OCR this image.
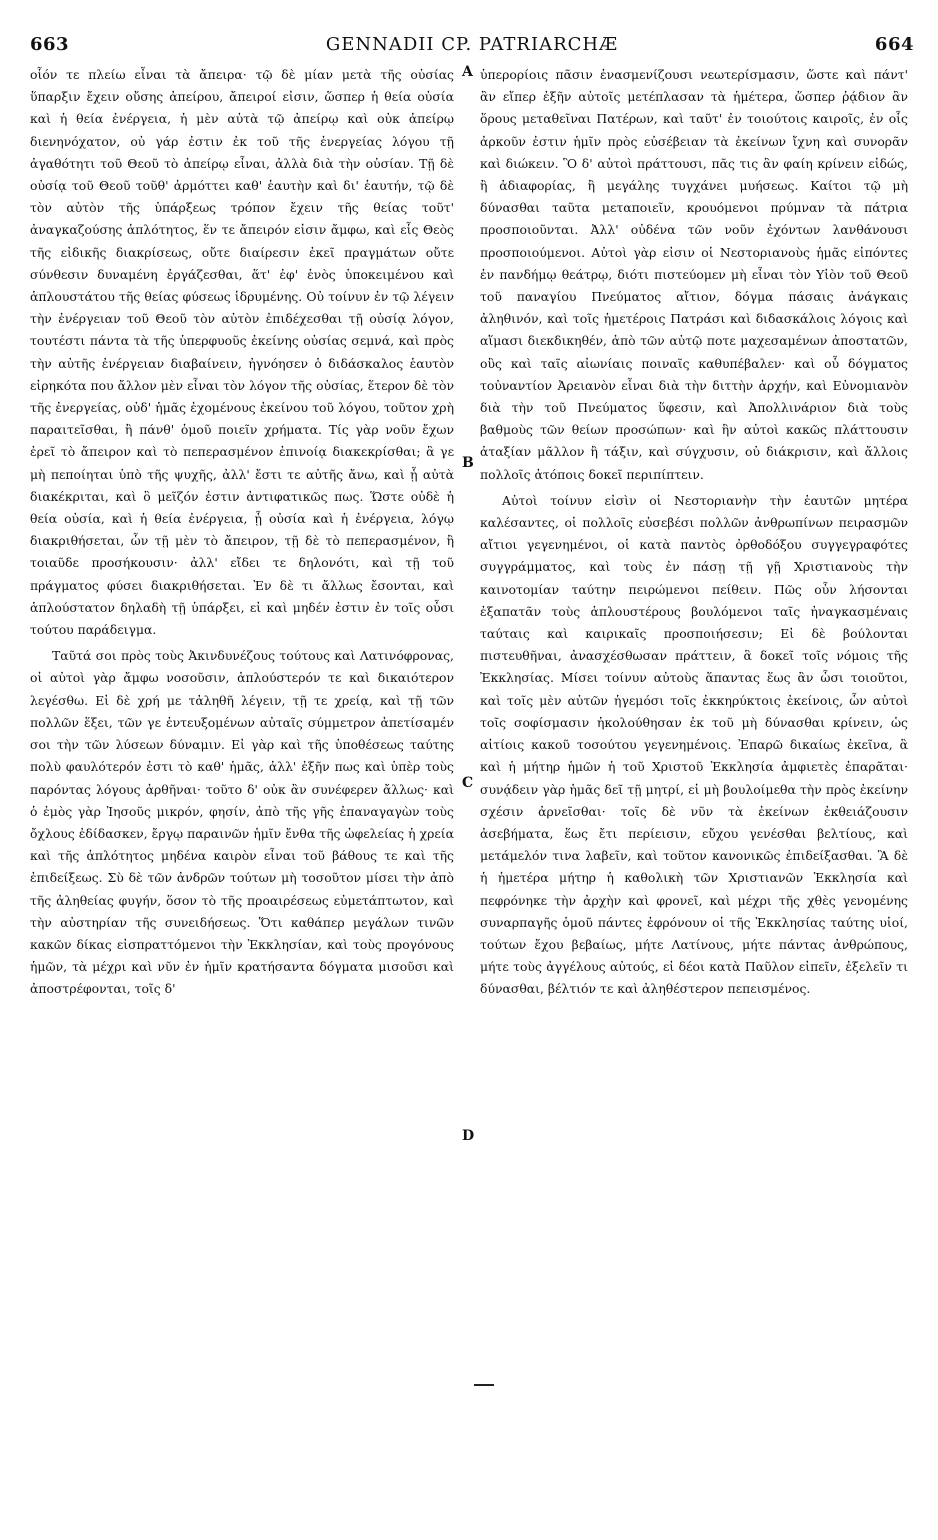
663	GENNADII CP. PATRIARCHÆ	664

οἷόν τε πλείω εἶναι τὰ ἄπειρα· τῷ δὲ μίαν μετὰ τῆς οὐσίας ὕπαρξιν ἔχειν οὔσης ἀπείρου, ἄπειροί εἰσιν, ὥσπερ ἡ θεία οὐσία καὶ ἡ θεία ἐνέργεια, ἡ μὲν αὐτὰ τῷ ἀπείρῳ καὶ οὐκ ἀπείρῳ διενηνόχατον, οὐ γάρ ἐστιν ἐκ τοῦ τῆς ἐνεργείας λόγου τῇ ἀγαθότητι τοῦ Θεοῦ τὸ ἀπείρῳ εἶναι, ἀλλὰ διὰ τὴν οὐσίαν. Τῇ δὲ οὐσίᾳ τοῦ Θεοῦ τοῦθ' ἁρμόττει καθ' ἑαυτὴν καὶ δι' ἑαυτήν, τῷ δὲ τὸν αὐτὸν τῆς ὑπάρξεως τρόπον ἔχειν τῆς θείας τοῦτ' ἀναγκαζούσης ἁπλότητος, ἕν τε ἄπειρόν εἰσιν ἄμφω, καὶ εἷς Θεὸς τῆς εἰδικῆς διακρίσεως, οὔτε διαίρεσιν ἐκεῖ πραγμάτων οὔτε σύνθεσιν δυναμένη ἐργάζεσθαι, ἅτ' ἐφ' ἑνὸς ὑποκειμένου καὶ ἁπλουστάτου τῆς θείας φύσεως ἱδρυμένης. Οὐ τοίνυν ἐν τῷ λέγειν τὴν ἐνέργειαν τοῦ Θεοῦ τὸν αὐτὸν ἐπιδέχεσθαι τῇ οὐσίᾳ λόγον, τουτέστι πάντα τὰ τῆς ὑπερφυοῦς ἐκείνης οὐσίας σεμνά, καὶ πρὸς τὴν αὐτῆς ἐνέργειαν διαβαίνειν, ἠγνόησεν ὁ διδάσκαλος ἑαυτὸν εἰρηκότα που ἄλλον μὲν εἶναι τὸν λόγον τῆς οὐσίας, ἕτερον δὲ τὸν τῆς ἐνεργείας, οὐδ' ἡμᾶς ἐχομένους ἐκείνου τοῦ λόγου, τοῦτον χρὴ παραιτεῖσθαι, ἢ πάνθ' ὁμοῦ ποιεῖν χρήματα. Τίς γὰρ νοῦν ἔχων ἐρεῖ τὸ ἄπειρον καὶ τὸ πεπερασμένον ἐπινοίᾳ διακεκρίσθαι; ἃ γε μὴ πεποίηται ὑπὸ τῆς ψυχῆς, ἀλλ' ἔστι τε αὐτῆς ἄνω, καὶ ᾗ αὐτὰ διακέκριται, καὶ ὃ μεῖζόν ἐστιν ἀντιφατικῶς πως. Ὥστε οὐδὲ ἡ θεία οὐσία, καὶ ἡ θεία ἐνέργεια, ᾗ οὐσία καὶ ἡ ἐνέργεια, λόγῳ διακριθήσεται, ὧν τῇ μὲν τὸ ἄπειρον, τῇ δὲ τὸ πεπερασμένον, ἢ τοιαῦδε προσήκουσιν· ἀλλ' εἴδει τε δηλονότι, καὶ τῇ τοῦ πράγματος φύσει διακριθήσεται. Ἐν δὲ τι ἄλλως ἔσονται, καὶ ἁπλούστατον δηλαδὴ τῇ ὑπάρξει, εἰ καὶ μηδέν ἐστιν ἐν τοῖς οὖσι τούτου παράδειγμα.

Ταῦτά σοι πρὸς τοὺς Ἀκινδυνέζους τούτους καὶ Λατινόφρονας, οἱ αὐτοὶ γὰρ ἄμφω νοσοῦσιν, ἁπλούστερόν τε καὶ δικαιότερον λεγέσθω. Εἰ δὲ χρή με τἀληθῆ λέγειν, τῇ τε χρείᾳ, καὶ τῇ τῶν πολλῶν ἕξει, τῶν γε ἐντευξομένων αὐταῖς σύμμετρον ἀπετίσαμέν σοι τὴν τῶν λύσεων δύναμιν. Εἰ γὰρ καὶ τῆς ὑποθέσεως ταύτης πολὺ φαυλότερόν ἐστι τὸ καθ' ἡμᾶς, ἀλλ' ἐξῆν πως καὶ ὑπὲρ τοὺς παρόντας λόγους ἀρθῆναι· τοῦτο δ' οὐκ ἂν συνέφερεν ἄλλως· καὶ ὁ ἐμὸς γὰρ Ἰησοῦς μικρόν, φησίν, ἀπὸ τῆς γῆς ἐπαναγαγὼν τοὺς ὄχλους ἐδίδασκεν, ἔργῳ παραινῶν ἡμῖν ἔνθα τῆς ὠφελείας ἡ χρεία καὶ τῆς ἁπλότητος μηδένα καιρὸν εἶναι τοῦ βάθους τε καὶ τῆς ἐπιδείξεως. Σὺ δὲ τῶν ἀνδρῶν τούτων μὴ τοσοῦτον μίσει τὴν ἀπὸ τῆς ἀληθείας φυγήν, ὅσον τὸ τῆς προαιρέσεως εὐμετάπτωτον, καὶ τὴν αὐστηρίαν τῆς συνειδήσεως. Ὅτι καθάπερ μεγάλων τινῶν κακῶν δίκας εἰσπραττόμενοι τὴν Ἐκκλησίαν, καὶ τοὺς προγόνους ἡμῶν, τὰ μέχρι καὶ νῦν ἐν ἡμῖν κρατήσαντα δόγματα μισοῦσι καὶ ἀποστρέφονται, τοῖς δ'

A
B
C
D

ὑπερορίοις πᾶσιν ἐνασμενίζουσι νεωτερίσμασιν, ὥστε καὶ πάντ' ἂν εἴπερ ἐξῆν αὐτοῖς μετέπλασαν τὰ ἡμέτερα, ὥσπερ ῥᾴδιον ἂν ὅρους μεταθεῖναι Πατέρων, καὶ ταῦτ' ἐν τοιούτοις καιροῖς, ἐν οἷς ἀρκοῦν ἐστιν ἡμῖν πρὸς εὐσέβειαν τὰ ἐκείνων ἴχνη καὶ συνορᾶν καὶ διώκειν. Ὃ δ' αὐτοὶ πράττουσι, πᾶς τις ἂν φαίη κρίνειν εἰδώς, ἢ ἀδιαφορίας, ἢ μεγάλης τυγχάνει μυήσεως. Καίτοι τῷ μὴ δύνασθαι ταῦτα μεταποιεῖν, κρουόμενοι πρύμναν τὰ πάτρια προσποιοῦνται. Ἀλλ' οὐδένα τῶν νοῦν ἐχόντων λανθάνουσι προσποιούμενοι. Αὐτοὶ γὰρ εἰσιν οἱ Νεστοριανοὺς ἡμᾶς εἰπόντες ἐν πανδήμῳ θεάτρῳ, διότι πιστεύομεν μὴ εἶναι τὸν Υἱὸν τοῦ Θεοῦ τοῦ παναγίου Πνεύματος αἴτιον, δόγμα πάσαις ἀνάγκαις ἀληθινόν, καὶ τοῖς ἡμετέροις Πατράσι καὶ διδασκάλοις λόγοις καὶ αἵμασι διεκδικηθέν, ἀπὸ τῶν αὐτῷ ποτε μαχεσαμένων ἀποστατῶν, οὓς καὶ ταῖς αἰωνίαις ποιναῖς καθυπέβαλεν· καὶ οὗ δόγματος τοὐναντίον Ἀρειανὸν εἶναι διὰ τὴν διττὴν ἀρχήν, καὶ Εὐνομιανὸν διὰ τὴν τοῦ Πνεύματος ὕφεσιν, καὶ Ἀπολλινάριον διὰ τοὺς βαθμοὺς τῶν θείων προσώπων· καὶ ἣν αὐτοὶ κακῶς πλάττουσιν ἀταξίαν μᾶλλον ἢ τάξιν, καὶ σύγχυσιν, οὐ διάκρισιν, καὶ ἄλλοις πολλοῖς ἀτόποις δοκεῖ περιπίπτειν.

Αὐτοὶ τοίνυν εἰσὶν οἱ Νεστοριανὴν τὴν ἑαυτῶν μητέρα καλέσαντες, οἱ πολλοῖς εὐσεβέσι πολλῶν ἀνθρωπίνων πειρασμῶν αἴτιοι γεγενημένοι, οἱ κατὰ παντὸς ὀρθοδόξου συγγεγραφότες συγγράμματος, καὶ τοὺς ἐν πάσῃ τῇ γῇ Χριστιανοὺς τὴν καινοτομίαν ταύτην πειρώμενοι πείθειν. Πῶς οὖν λήσονται ἐξαπατᾶν τοὺς ἁπλουστέρους βουλόμενοι ταῖς ἠναγκασμέναις ταύταις καὶ καιρικαῖς προσποιήσεσιν; Εἰ δὲ βούλονται πιστευθῆναι, ἀνασχέσθωσαν πράττειν, ἃ δοκεῖ τοῖς νόμοις τῆς Ἐκκλησίας. Μίσει τοίνυν αὐτοὺς ἅπαντας ἕως ἂν ὦσι τοιοῦτοι, καὶ τοῖς μὲν αὐτῶν ἡγεμόσι τοῖς ἐκκηρύκτοις ἐκείνοις, ὧν αὐτοὶ τοῖς σοφίσμασιν ἠκολούθησαν ἐκ τοῦ μὴ δύνασθαι κρίνειν, ὡς αἰτίοις κακοῦ τοσούτου γεγενημένοις. Ἐπαρῶ δικαίως ἐκεῖνα, ἃ καὶ ἡ μήτηρ ἡμῶν ἡ τοῦ Χριστοῦ Ἐκκλησία ἀμφιετὲς ἐπαρᾶται· συνᾴδειν γὰρ ἡμᾶς δεῖ τῇ μητρί, εἰ μὴ βουλοίμεθα τὴν πρὸς ἐκείνην σχέσιν ἀρνεῖσθαι· τοῖς δὲ νῦν τὰ ἐκείνων ἐκθειάζουσιν ἀσεβήματα, ἕως ἔτι περίεισιν, εὔχου γενέσθαι βελτίους, καὶ μετάμελόν τινα λαβεῖν, καὶ τοῦτον κανονικῶς ἐπιδείξασθαι. Ἃ δὲ ἡ ἡμετέρα μήτηρ ἡ καθολικὴ τῶν Χριστιανῶν Ἐκκλησία καὶ πεφρόνηκε τὴν ἀρχὴν καὶ φρονεῖ, καὶ μέχρι τῆς χθὲς γενομένης συναρπαγῆς ὁμοῦ πάντες ἐφρόνουν οἱ τῆς Ἐκκλησίας ταύτης υἱοί, τούτων ἔχου βεβαίως, μήτε Λατίνους, μήτε πάντας ἀνθρώπους, μήτε τοὺς ἀγγέλους αὐτούς, εἰ δέοι κατὰ Παῦλον εἰπεῖν, ἐξελεῖν τι δύνασθαι, βέλτιόν τε καὶ ἀληθέστερον πεπεισμένος.
